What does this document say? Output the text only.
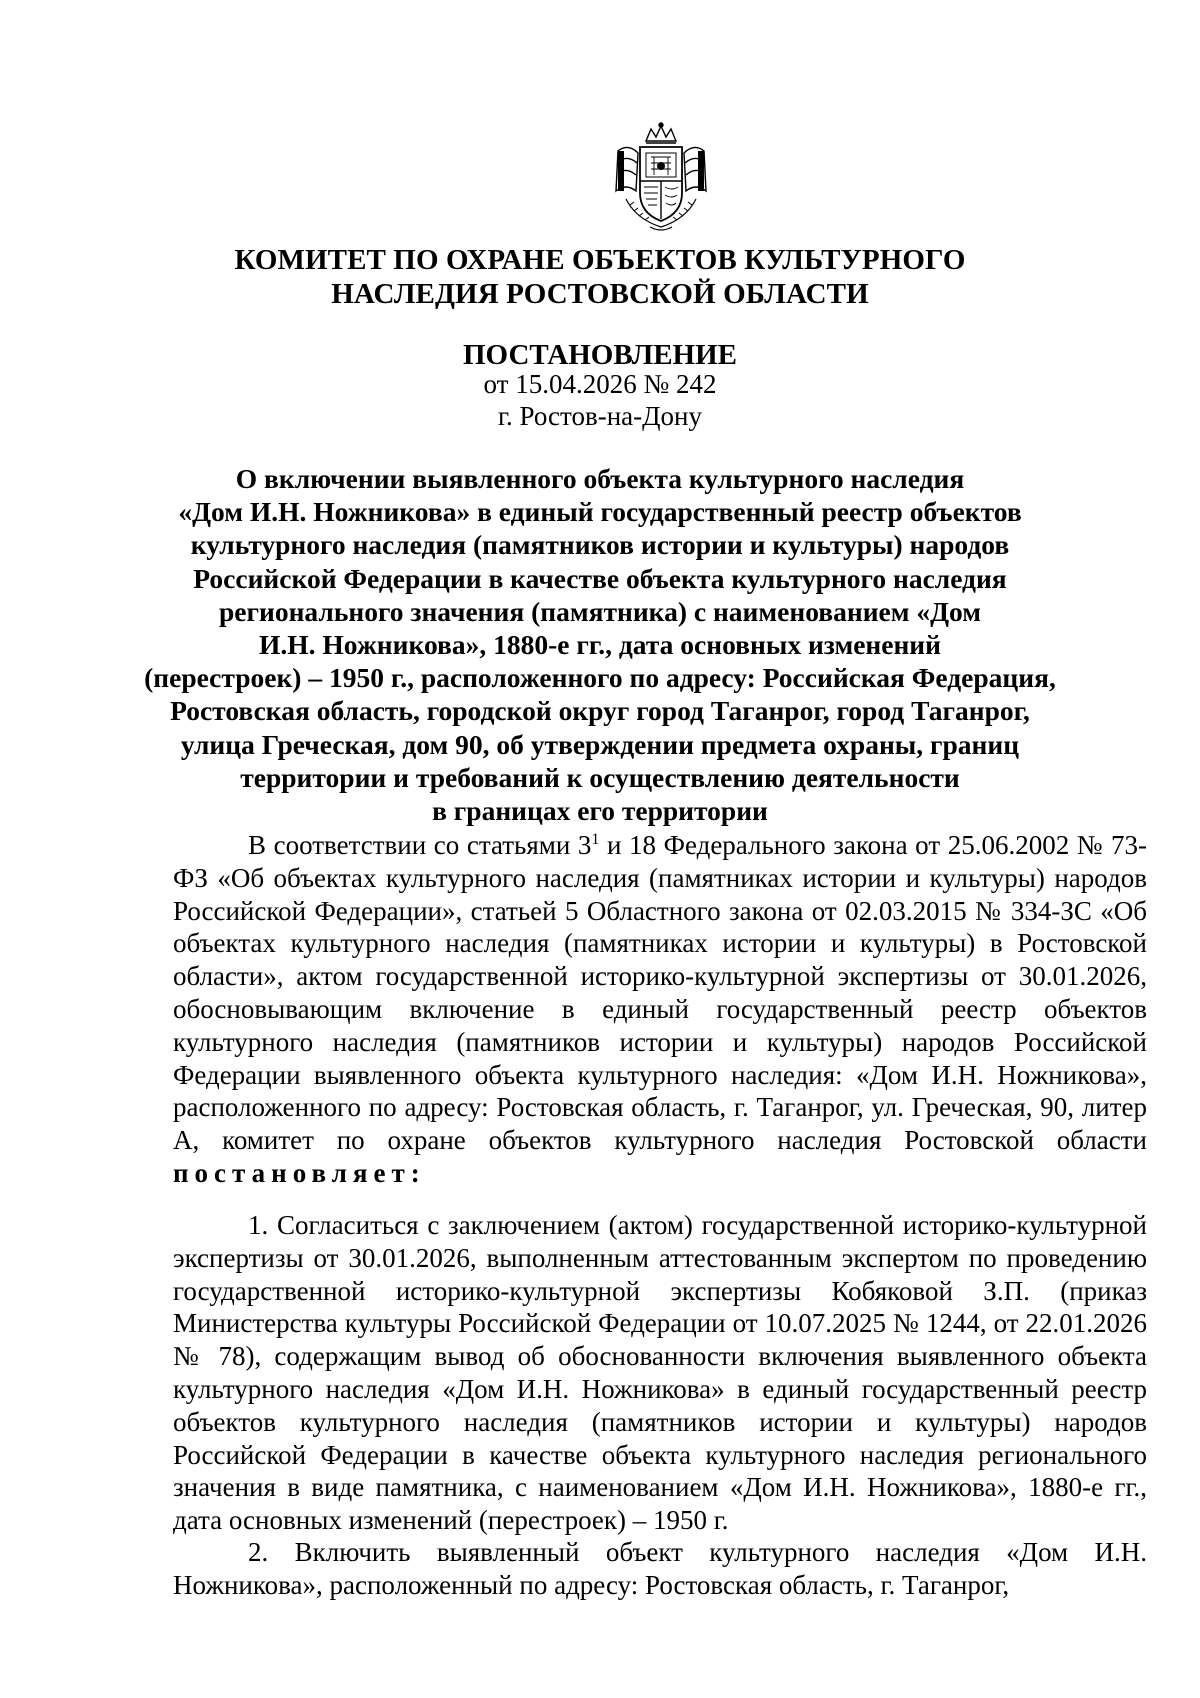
КОМИТЕТ ПО ОХРАНЕ ОБЪЕКТОВ КУЛЬТУРНОГО
НАСЛЕДИЯ РОСТОВСКОЙ ОБЛАСТИ
ПОСТАНОВЛЕНИЕ
от 15.04.2026 № 242
г. Ростов-на-Дону
О включении выявленного объекта культурного наследия
«Дом И.Н. Ножникова» в единый государственный реестр объектов
культурного наследия (памятников истории и культуры) народов
Российской Федерации в качестве объекта культурного наследия
регионального значения (памятника) с наименованием «Дом
И.Н. Ножникова», 1880-е гг., дата основных изменений
(перестроек) – 1950 г., расположенного по адресу: Российская Федерация,
Ростовская область, городской округ город Таганрог, город Таганрог,
улица Греческая, дом 90, об утверждении предмета охраны, границ
территории и требований к осуществлению деятельности
в границах его территории
В соответствии со статьями $3^1$ и 18 Федерального закона от 25.06.2002 № 73-ФЗ «Об объектах культурного наследия (памятниках истории и культуры) народов Российской Федерации», статьей 5 Областного закона от 02.03.2015 № 334-ЗС «Об объектах культурного наследия (памятниках истории и культуры) в Ростовской области», актом государственной историко-культурной экспертизы от 30.01.2026, обосновывающим включение в единый государственный реестр объектов культурного наследия (памятников истории и культуры) народов Российской Федерации выявленного объекта культурного наследия: «Дом И.Н. Ножникова», расположенного по адресу: Ростовская область, г. Таганрог, ул. Греческая, 90, литер А, комитет по охране объектов культурного наследия Ростовской области постановляет:
1. Согласиться с заключением (актом) государственной историко-культурной экспертизы от 30.01.2026, выполненным аттестованным экспертом по проведению государственной историко-культурной экспертизы Кобяковой З.П. (приказ Министерства культуры Российской Федерации от 10.07.2025 № 1244, от 22.01.2026 № 78), содержащим вывод об обоснованности включения выявленного объекта культурного наследия «Дом И.Н. Ножникова» в единый государственный реестр объектов культурного наследия (памятников истории и культуры) народов Российской Федерации в качестве объекта культурного наследия регионального значения в виде памятника, с наименованием «Дом И.Н. Ножникова», 1880-е гг., дата основных изменений (перестроек) – 1950 г.
2. Включить выявленный объект культурного наследия «Дом И.Н. Ножникова», расположенный по адресу: Ростовская область, г. Таганрог,
